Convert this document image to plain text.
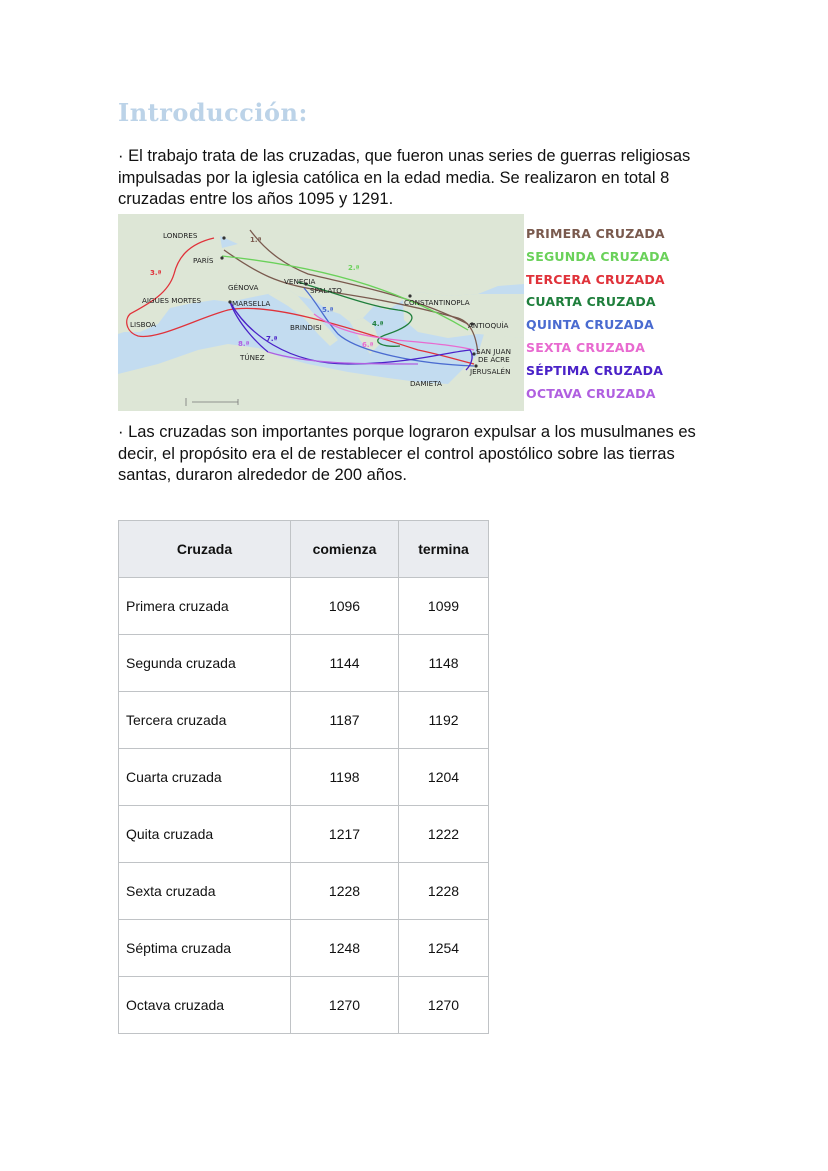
Introducción:

· El trabajo trata de las cruzadas, que fueron unas series de guerras religiosas impulsadas por la iglesia católica en la edad media. Se realizaron en total 8 cruzadas entre los años 1095 y 1291.

LONDRES
PARÍS
GÉNOVA
VENECIA
SPALATO
AIGUES MORTES	MARSELLA
LISBOA	BRINDISI
CONSTANTINOPLA
ANTIOQUÍA
TÚNEZ
SAN JUAN
DE ACRE
JERUSALÉN
DAMIETA
1.ª
2.ª
3.ª
4.ª
5.ª
6.ª
7.ª
8.ª
PRIMERA CRUZADA
SEGUNDA CRUZADA
TERCERA CRUZADA
CUARTA CRUZADA
QUINTA CRUZADA
SEXTA CRUZADA
SÉPTIMA CRUZADA
OCTAVA CRUZADA

· Las cruzadas son importantes porque lograron expulsar a los musulmanes es decir, el propósito era el de restablecer el control apostólico sobre las tierras santas, duraron alrededor de 200 años.

Cruzada	comienza	termina
Primera cruzada	1096	1099
Segunda cruzada	1144	1148
Tercera cruzada	1187	1192
Cuarta cruzada	1198	1204
Quita cruzada	1217	1222
Sexta cruzada	1228	1228
Séptima cruzada	1248	1254
Octava cruzada	1270	1270
